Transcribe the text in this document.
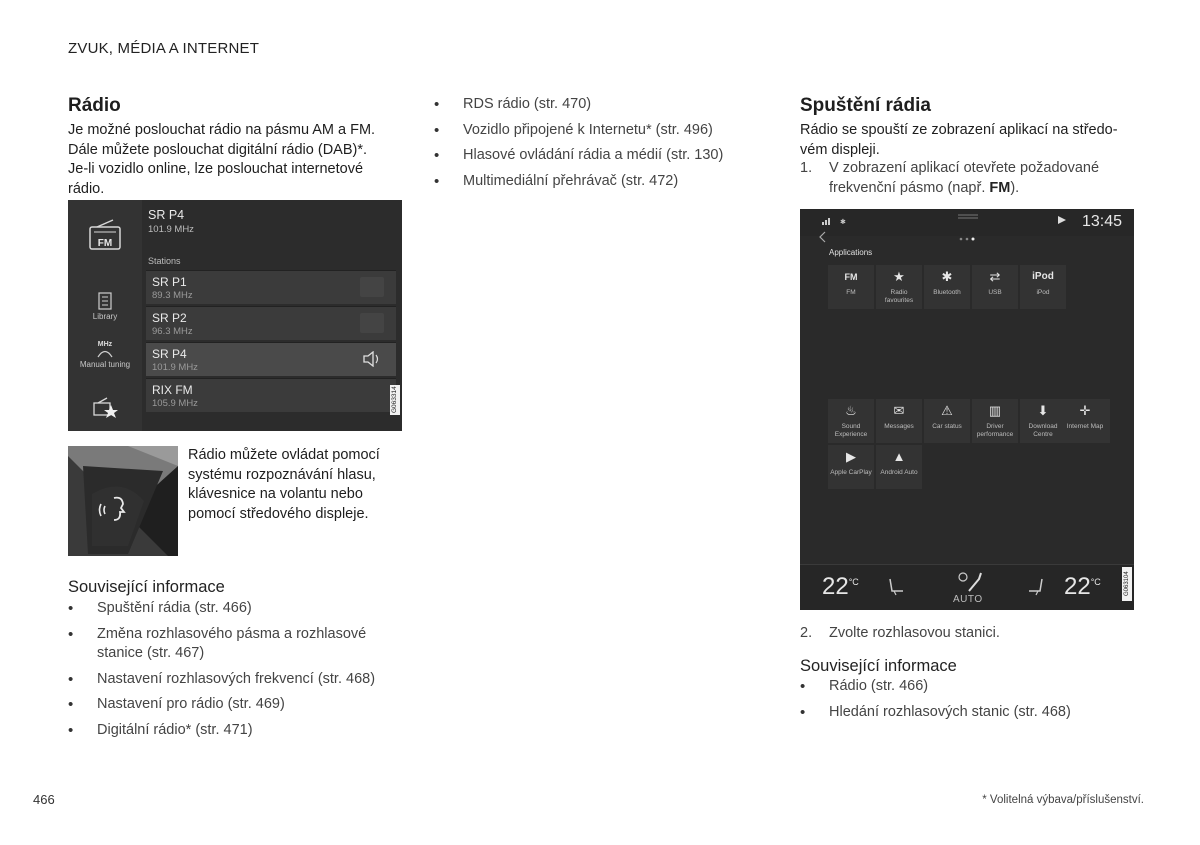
ZVUK, MÉDIA A INTERNET
Rádio
Je možné poslouchat rádio na pásmu AM a FM.
Dále můžete poslouchat digitální rádio (DAB)*.
Je-li vozidlo online, lze poslouchat internetové
rádio.
FM
Library
MHz
Manual tuning
SR P4
101.9 MHz
Stations
SR P1
89.3 MHz
SR P2
96.3 MHz
SR P4
101.9 MHz
RIX FM
105.9 MHz	G063314
Rádio můžete ovládat pomocí
systému rozpoznávání hlasu,
klávesnice na volantu nebo
pomocí středového displeje.
Související informace
• Spuštění rádia (str. 466)
• Změna rozhlasového pásma a rozhlasové stanice (str. 467)
• Nastavení rozhlasových frekvencí (str. 468)
• Nastavení pro rádio (str. 469)
• Digitální rádio* (str. 471)
• RDS rádio (str. 470)
• Vozidlo připojené k Internetu* (str. 496)
• Hlasové ovládání rádia a médií (str. 130)
• Multimediální přehrávač (str. 472)
Spuštění rádia
Rádio se spouští ze zobrazení aplikací na středo-
vém displeji.
1. V zobrazení aplikací otevřete požadované
frekvenční pásmo (např. FM).
✱	13:45
Applications
FM
FM
★
Radio favourites
✱
Bluetooth
⇄
USB
iPod
iPod
♨
Sound Experience
✉
Messages
⚠
Car status
▥
Driver performance
⬇
Download Centre
✛
Internet Map
▶
Apple CarPlay
▲
Android Auto
$22^{^\circ C}$
AUTO	$22^{^\circ C}$	G063104
2. Zvolte rozhlasovou stanici.
Související informace
• Rádio (str. 466)
• Hledání rozhlasových stanic (str. 468)
466	* Volitelná výbava/příslušenství.
